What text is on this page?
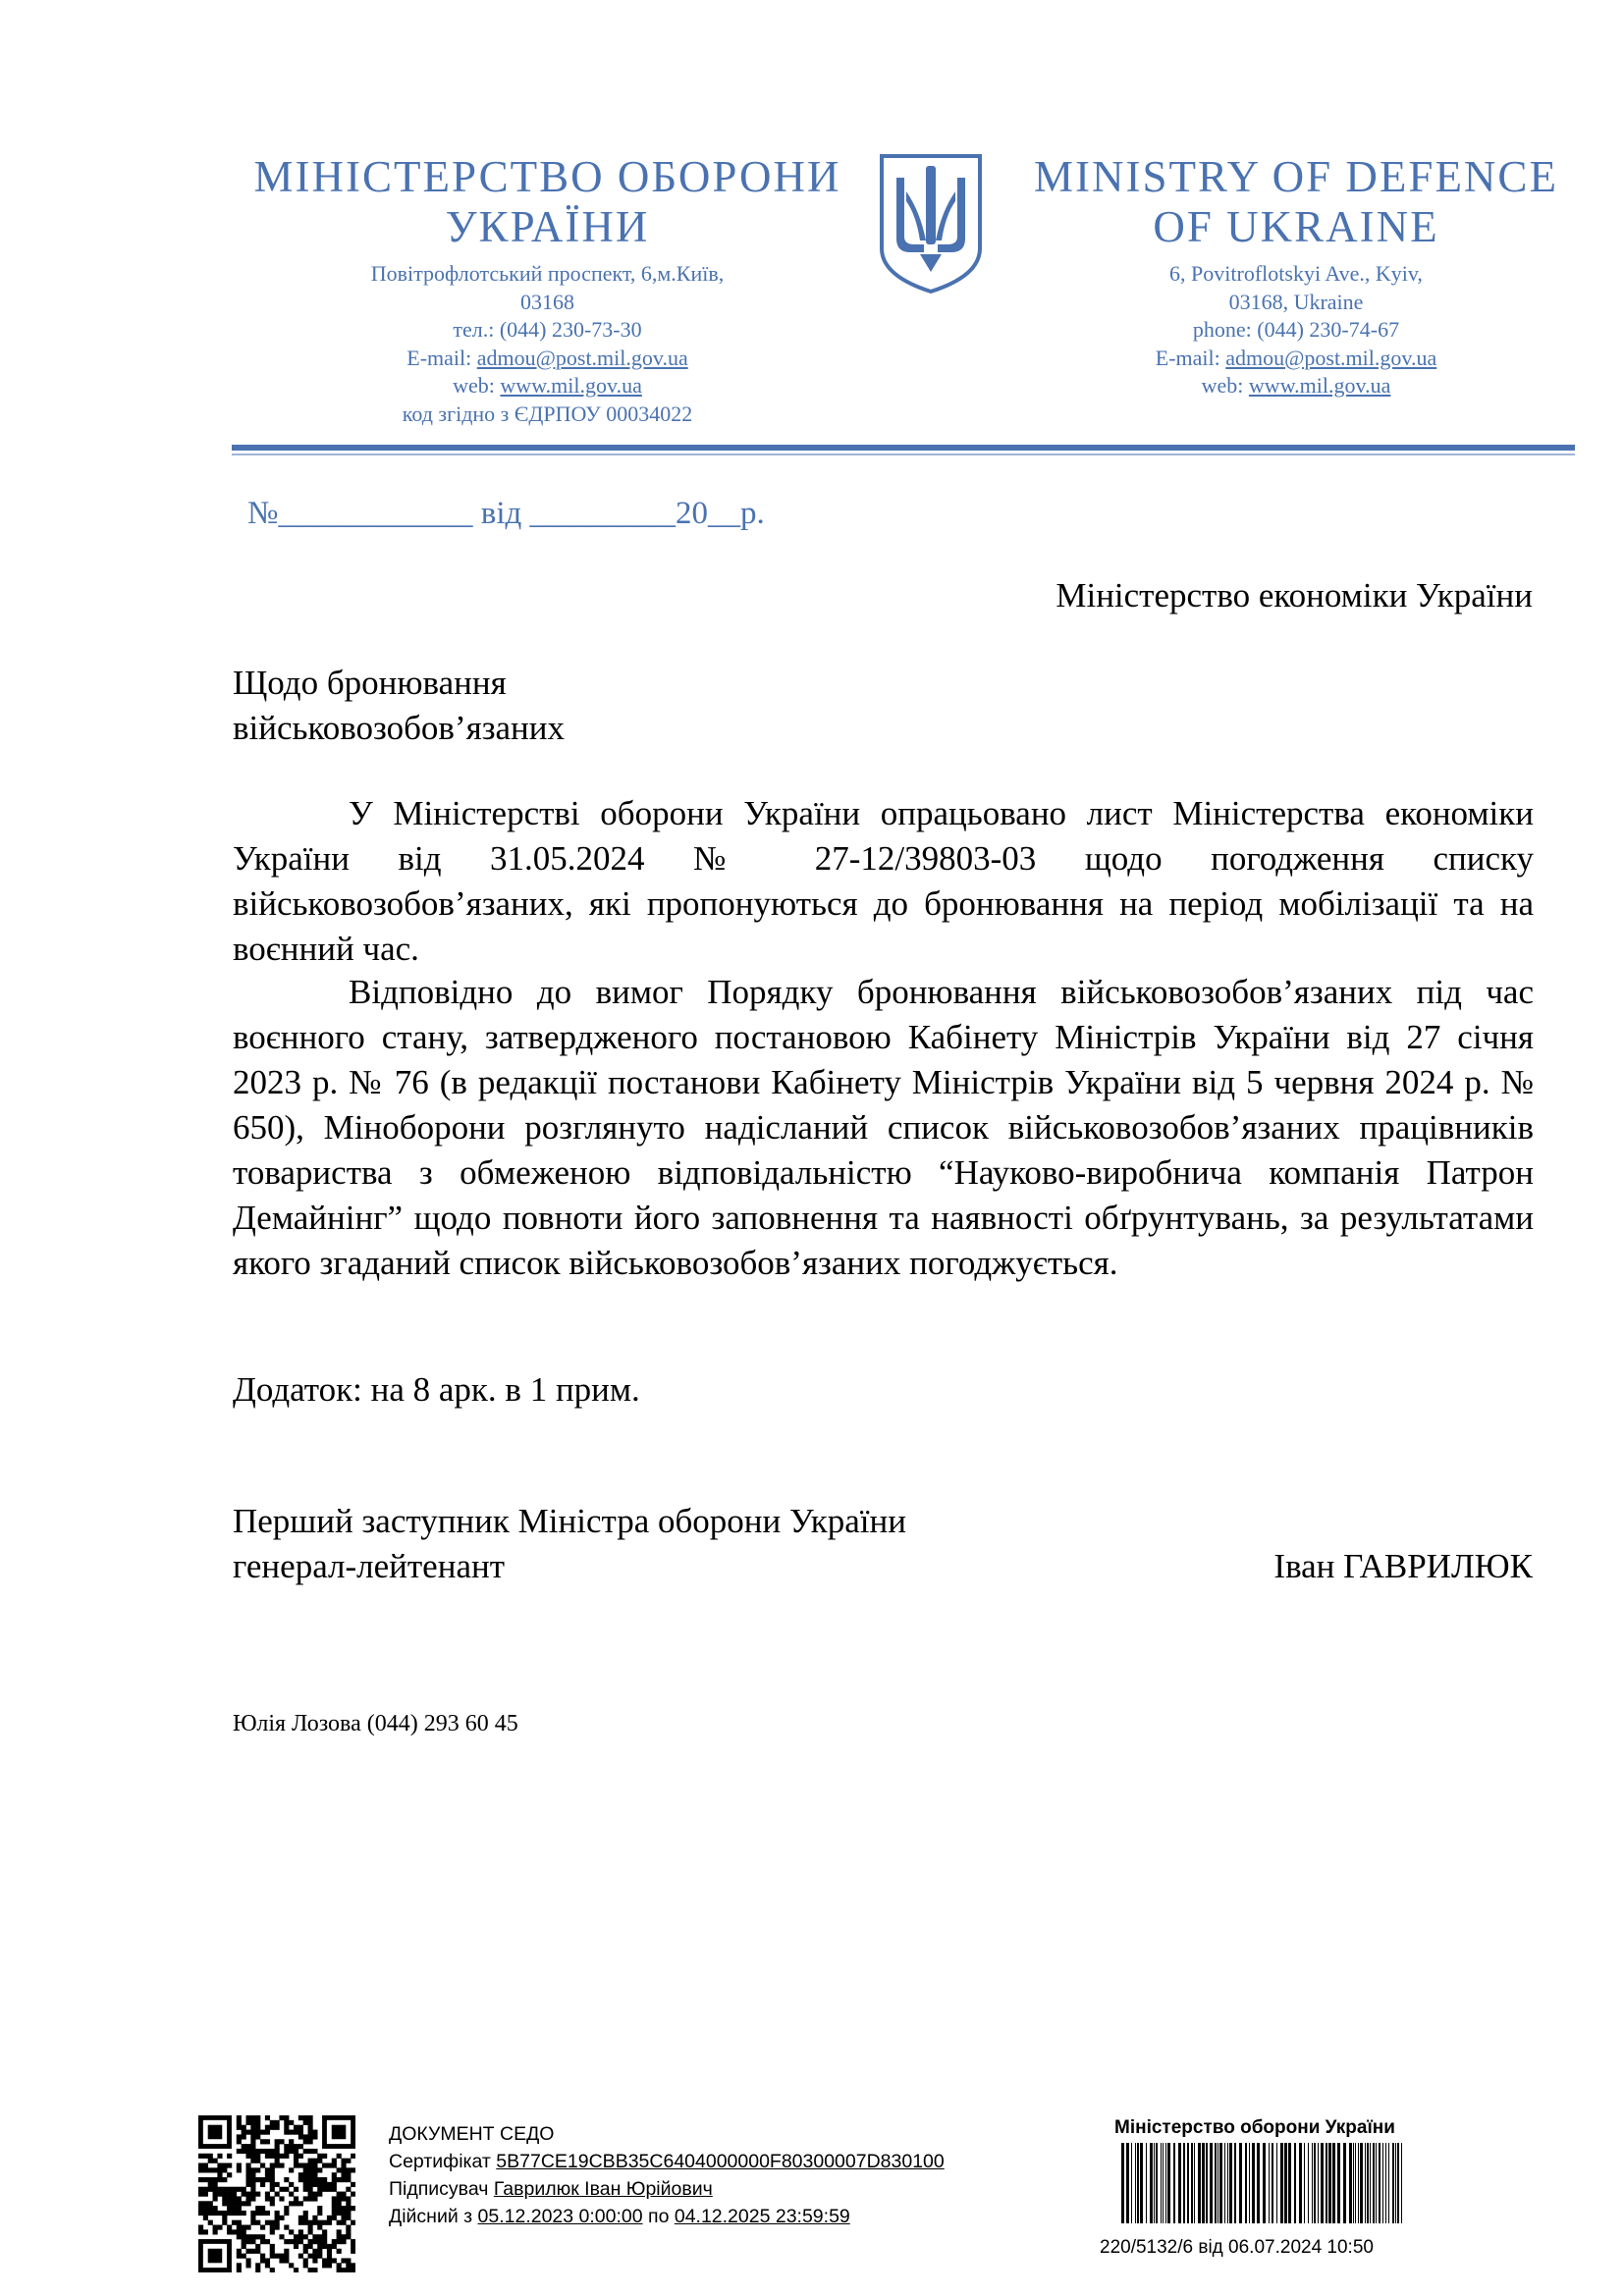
МІНІСТЕРСТВО ОБОРОНИ
УКРАЇНИ
Повітрофлотський проспект, 6,м.Київ,
03168
тел.: (044) 230-73-30
E-mail: admou@post.mil.gov.ua
web: www.mil.gov.ua
код згідно з ЄДРПОУ 00034022
MINISTRY OF DEFENCE
OF UKRAINE
6, Povitroflotskyi Ave., Kyiv,
03168, Ukraine
phone: (044) 230-74-67
E-mail: admou@post.mil.gov.ua
web: www.mil.gov.ua
№____________ від _________20__р.
Міністерство економіки України
Щодо бронювання
військовозобов’язаних
У Міністерстві оборони України опрацьовано лист Міністерства економіки України від 31.05.2024 № 27-12/39803-03 щодо погодження списку військовозобов’язаних, які пропонуються до бронювання на період мобілізації та на воєнний час.
Відповідно до вимог Порядку бронювання військовозобов’язаних під час воєнного стану, затвердженого постановою Кабінету Міністрів України від 27 січня 2023 р. № 76 (в редакції постанови Кабінету Міністрів України від 5 червня 2024 р. № 650), Міноборони розглянуто надісланий список військовозобов’язаних працівників товариства з обмеженою відповідальністю “Науково-виробнича компанія Патрон Демайнінг” щодо повноти його заповнення та наявності обґрунтувань, за результатами якого згаданий список військовозобов’язаних погоджується.
Додаток: на 8 арк. в 1 прим.
Перший заступник Міністра оборони України
генерал-лейтенант	Іван ГАВРИЛЮК
Юлія Лозова (044) 293 60 45
ДОКУМЕНТ СЕДО
Сертифікат 5B77CE19CBB35C6404000000F80300007D830100
Підписувач Гаврилюк Іван Юрійович
Дійсний з 05.12.2023 0:00:00 по 04.12.2025 23:59:59
Міністерство оборони України
220/5132/6 від 06.07.2024 10:50
